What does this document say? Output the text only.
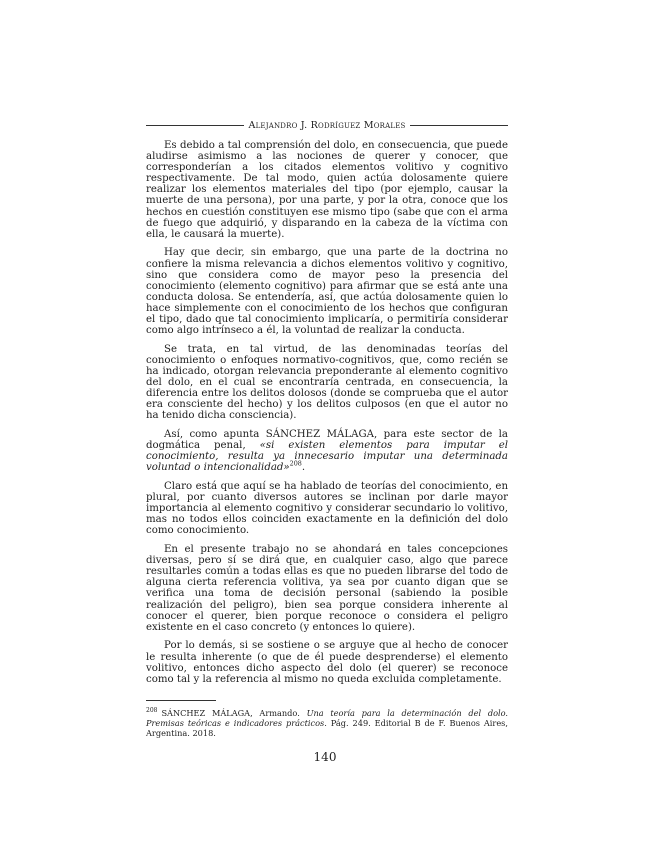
Alejandro J. Rodríguez Morales

Es debido a tal comprensión del dolo, en consecuencia, que puede aludirse asimismo a las nociones de querer y conocer, que corresponderían a los citados elementos volitivo y cognitivo respectivamente. De tal modo, quien actúa dolosamente quiere realizar los elementos materiales del tipo (por ejemplo, causar la muerte de una persona), por una parte, y por la otra, conoce que los hechos en cuestión constituyen ese mismo tipo (sabe que con el arma de fuego que adquirió, y disparando en la cabeza de la víctima con ella, le causará la muerte).

Hay que decir, sin embargo, que una parte de la doctrina no confiere la misma relevancia a dichos elementos volitivo y cognitivo, sino que considera como de mayor peso la presencia del conocimiento (elemento cognitivo) para afirmar que se está ante una conducta dolosa. Se entendería, así, que actúa dolosamente quien lo hace simplemente con el conocimiento de los hechos que configuran el tipo, dado que tal conocimiento implicaría, o permitiría considerar como algo intrínseco a él, la voluntad de realizar la conducta.

Se trata, en tal virtud, de las denominadas teorías del conocimiento o enfoques normativo-cognitivos, que, como recién se ha indicado, otorgan relevancia preponderante al elemento cognitivo del dolo, en el cual se encontraría centrada, en consecuencia, la diferencia entre los delitos dolosos (donde se comprueba que el autor era consciente del hecho) y los delitos culposos (en que el autor no ha tenido dicha consciencia).

Así, como apunta SÁNCHEZ MÁLAGA, para este sector de la dogmática penal, «si existen elementos para imputar el conocimiento, resulta ya innecesario imputar una determinada voluntad o intencionalidad»$^{208}$.

Claro está que aquí se ha hablado de teorías del conocimiento, en plural, por cuanto diversos autores se inclinan por darle mayor importancia al elemento cognitivo y considerar secundario lo volitivo, mas no todos ellos coinciden exactamente en la definición del dolo como conocimiento.

En el presente trabajo no se ahondará en tales concepciones diversas, pero sí se dirá que, en cualquier caso, algo que parece resultarles común a todas ellas es que no pueden librarse del todo de alguna cierta referencia volitiva, ya sea por cuanto digan que se verifica una toma de decisión personal (sabiendo la posible realización del peligro), bien sea porque considera inherente al conocer el querer, bien porque reconoce o considera el peligro existente en el caso concreto (y entonces lo quiere).

Por lo demás, si se sostiene o se arguye que al hecho de conocer le resulta inherente (o que de él puede desprenderse) el elemento volitivo, entonces dicho aspecto del dolo (el querer) se reconoce como tal y la referencia al mismo no queda excluida completamente.

$^{208}$ SÁNCHEZ MÁLAGA, Armando. Una teoría para la determinación del dolo. Premisas teóricas e indicadores prácticos. Pág. 249. Editorial B de F. Buenos Aires, Argentina. 2018.
140
